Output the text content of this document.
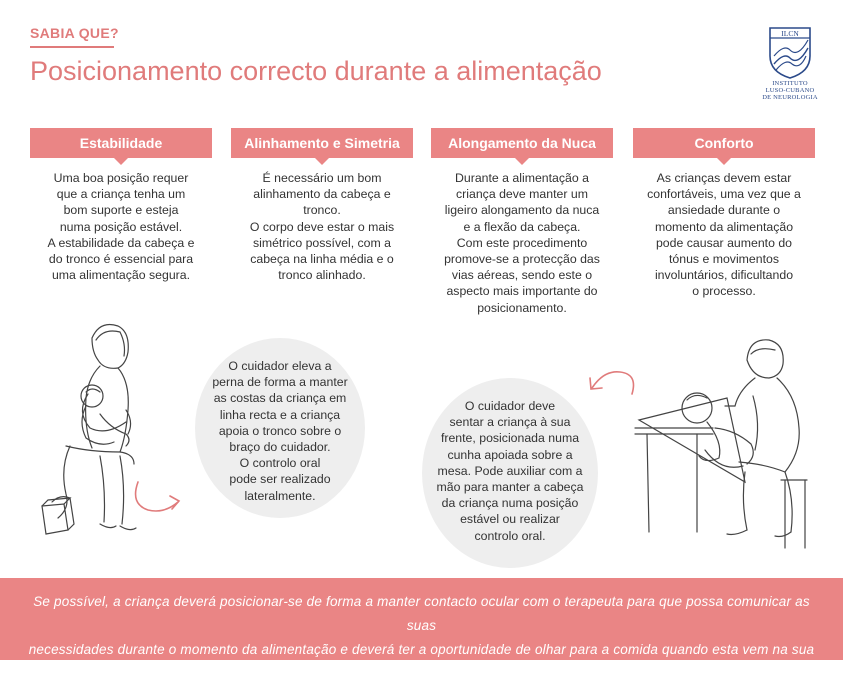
SABIA QUE?
Posicionamento correcto durante a alimentação
ILCN
INSTITUTO
LUSO-CUBANO
DE NEUROLOGIA
Estabilidade	Alinhamento e Simetria	Alongamento da Nuca	Conforto
Uma boa posição requer
que a criança tenha um
bom suporte e esteja
numa posição estável.
A estabilidade da cabeça e
do tronco é essencial para
uma alimentação segura.
É necessário um bom
alinhamento da cabeça e
tronco.
O corpo deve estar o mais
simétrico possível, com a
cabeça na linha média e o
tronco alinhado.
Durante a alimentação a
criança deve manter um
ligeiro alongamento da nuca
e a flexão da cabeça.
Com este procedimento
promove-se a protecção das
vias aéreas, sendo este o
aspecto mais importante do
posicionamento.
As crianças devem estar
confortáveis, uma vez que a
ansiedade durante o
momento da alimentação
pode causar aumento do
tónus e movimentos
involuntários, dificultando
o processo.
O cuidador eleva a
perna de forma a manter
as costas da criança em
linha recta e a criança
apoia o tronco sobre o
braço do cuidador.
O controlo oral
pode ser realizado
lateralmente.
O cuidador deve
sentar a criança à sua
frente, posicionada numa
cunha apoiada sobre a
mesa. Pode auxiliar com a
mão para manter a cabeça
da criança numa posição
estável ou realizar
controlo oral.
Se possível, a criança deverá posicionar-se de forma a manter contacto ocular com o terapeuta para que possa comunicar as suas
necessidades durante o momento da alimentação e deverá ter a oportunidade de olhar para a comida quando esta vem na sua direcção.
